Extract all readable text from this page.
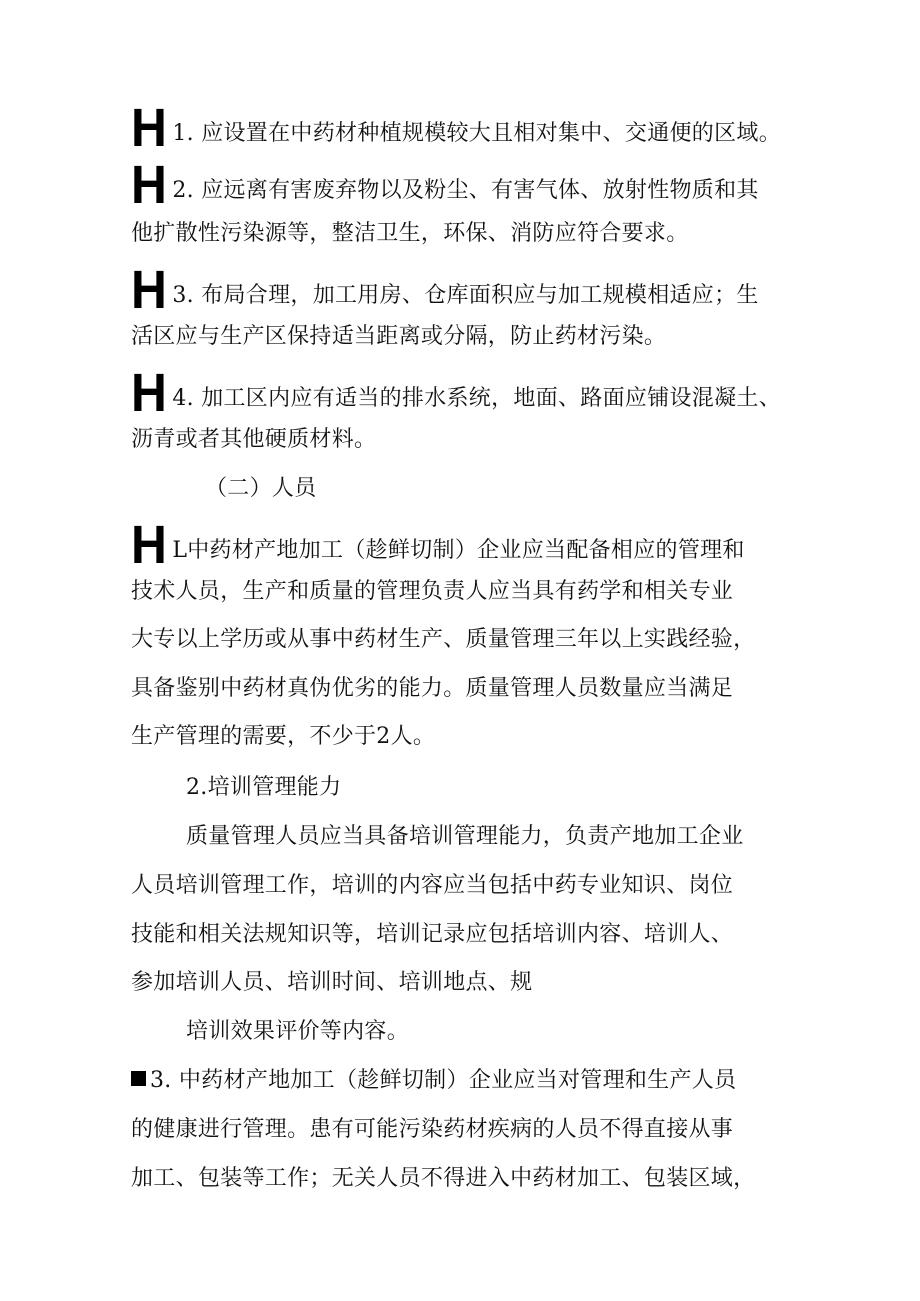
H 1. 应设置在中药材种植规模较大且相对集中、交通便的区域。
H 2. 应远离有害废弃物以及粉尘、有害气体、放射性物质和其
他扩散性污染源等，整洁卫生，环保、消防应符合要求。
H 3. 布局合理，加工用房、仓库面积应与加工规模相适应；生
活区应与生产区保持适当距离或分隔，防止药材污染。
H 4. 加工区内应有适当的排水系统，地面、路面应铺设混凝土、
沥青或者其他硬质材料。
（二）人员
HL中药材产地加工（趁鲜切制）企业应当配备相应的管理和
技术人员，生产和质量的管理负责人应当具有药学和相关专业
大专以上学历或从事中药材生产、质量管理三年以上实践经验，
具备鉴别中药材真伪优劣的能力。质量管理人员数量应当满足
生产管理的需要，不少于2人。
2.培训管理能力
质量管理人员应当具备培训管理能力，负责产地加工企业
人员培训管理工作，培训的内容应当包括中药专业知识、岗位
技能和相关法规知识等，培训记录应包括培训内容、培训人、
参加培训人员、培训时间、培训地点、规
培训效果评价等内容。
3. 中药材产地加工（趁鲜切制）企业应当对管理和生产人员
的健康进行管理。患有可能污染药材疾病的人员不得直接从事
加工、包装等工作；无关人员不得进入中药材加工、包装区域，
